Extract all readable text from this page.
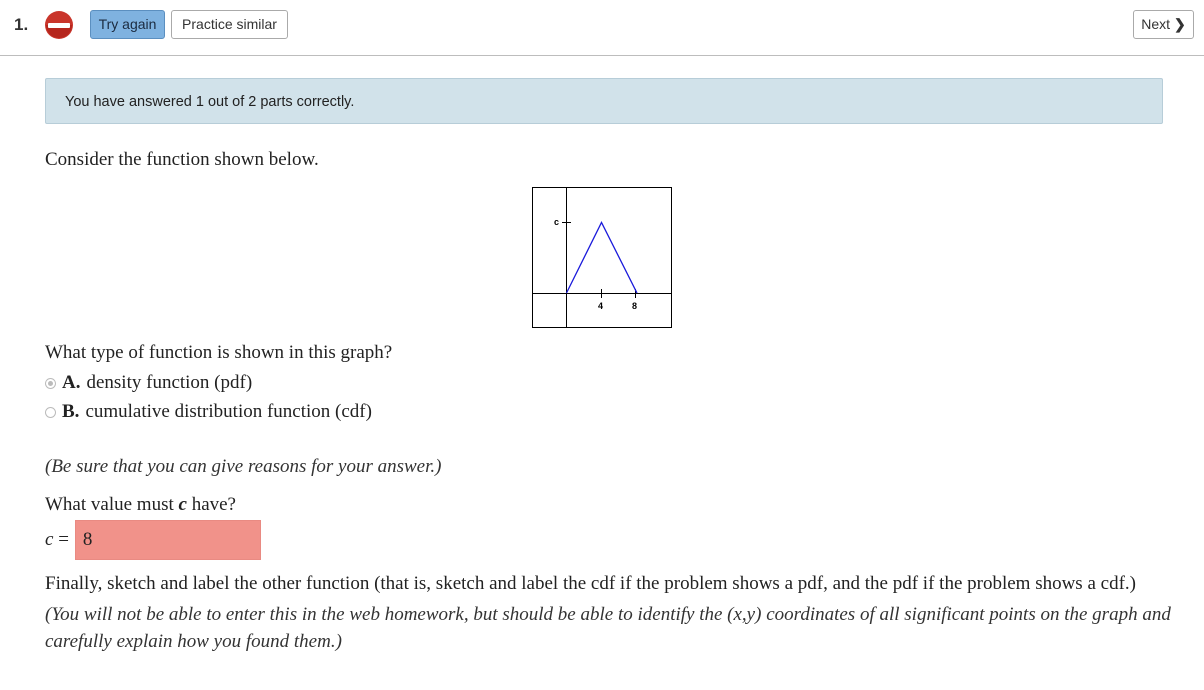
1.	Try again	Practice similar	Next ❯
You have answered 1 out of 2 parts correctly.
Consider the function shown below.
c
4	8
What type of function is shown in this graph?
A. density function (pdf)
B. cumulative distribution function (cdf)
(Be sure that you can give reasons for your answer.)
What value must c have?
c = 8
Finally, sketch and label the other function (that is, sketch and label the cdf if the problem shows a pdf, and the pdf if the problem shows a cdf.)
(You will not be able to enter this in the web homework, but should be able to identify the (x,y) coordinates of all significant points on the graph and carefully explain how you found them.)
